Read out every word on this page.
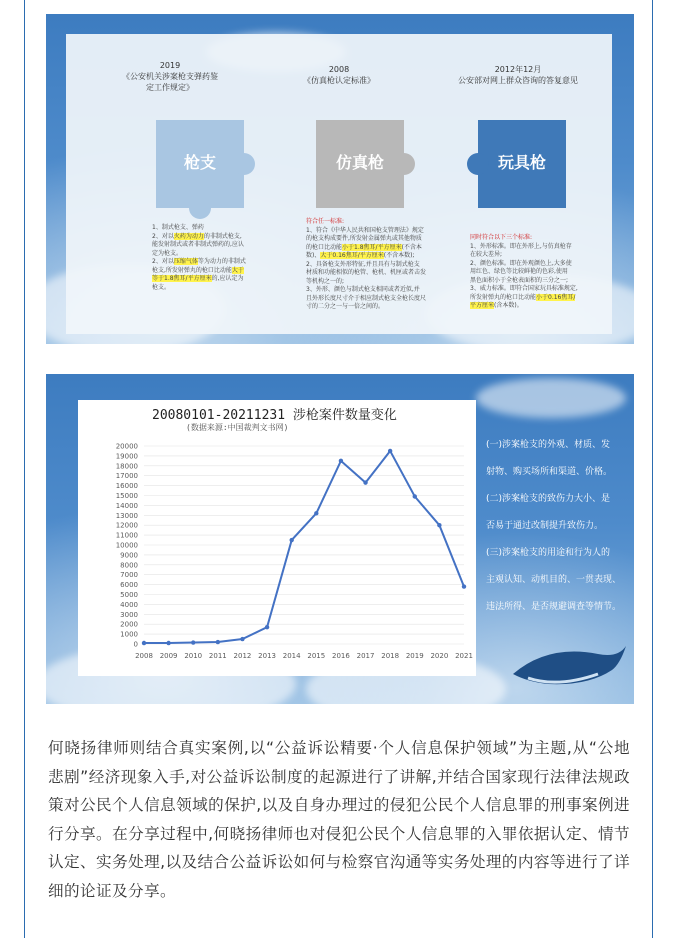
2019
《公安机关涉案枪支弹药鉴
定工作规定》
2008
《仿真枪认定标准》
2012年12月
公安部对网上群众咨询的答复意见
枪支	仿真枪	玩具枪
1、制式枪支、弹药
2、对以火药为动力的非制式枪支,
能发射制式或者非制式弹药的,应认
定为枪支。
2、对以压缩气体等为动力的非制式
枪支,所发射弹丸的枪口比动能大于
等于1.8焦耳/平方厘米的,应认定为
枪支。
符合任一标准:
1、符合《中华人民共和国枪支管理法》规定
的枪支构成要件,所发射金属弹丸或其他物质
的枪口比动能小于1.8焦耳/平方厘米(不含本
数)、大于0.16焦耳/平方厘米(不含本数);
2、具备枪支外形特征,并且具有与制式枪支
材质和功能相似的枪管、枪机、机匣或者击发
等机构之一的;
3、外形、颜色与制式枪支相同或者近似,并
且外形长度尺寸介于相应制式枪支全枪长度尺
寸的二分之一与一倍之间的。
同时符合以下三个标准:
1、外形标准。即在外形上,与仿真枪存
在较大差异;
2、颜色标准。即在外观颜色上,大多使
用红色、绿色等比较鲜艳的色彩,使用
黑色面积小于全枪表面积的三分之一;
3、威力标准。即符合国家玩具标准规定,
所发射弹丸的枪口比动能小于0.16焦耳/
平方厘米(含本数)。
20080101-20211231 涉枪案件数量变化
(数据来源:中国裁判文书网)
0
1000
2000
3000
4000
5000
6000
7000
8000
9000
10000
11000
12000
13000
14000
15000
16000
17000
18000
19000
20000
2008 2009 2010 2011 2012 2013 2014 2015 2016 2017 2018 2019 2020 2021
(一)涉案枪支的外观、材质、发
射物、购买场所和渠道、价格。
(二)涉案枪支的致伤力大小、是
否易于通过改制提升致伤力。
(三)涉案枪支的用途和行为人的
主观认知、动机目的、一贯表现、
违法所得、是否规避调查等情节。
何晓扬律师则结合真实案例,以“公益诉讼精要·个人信息保护领域”为主题,从“公地悲剧”经济现象入手,对公益诉讼制度的起源进行了讲解,并结合国家现行法律法规政策对公民个人信息领域的保护,以及自身办理过的侵犯公民个人信息罪的刑事案例进行分享。在分享过程中,何晓扬律师也对侵犯公民个人信息罪的入罪依据认定、情节认定、实务处理,以及结合公益诉讼如何与检察官沟通等实务处理的内容等进行了详细的论证及分享。
